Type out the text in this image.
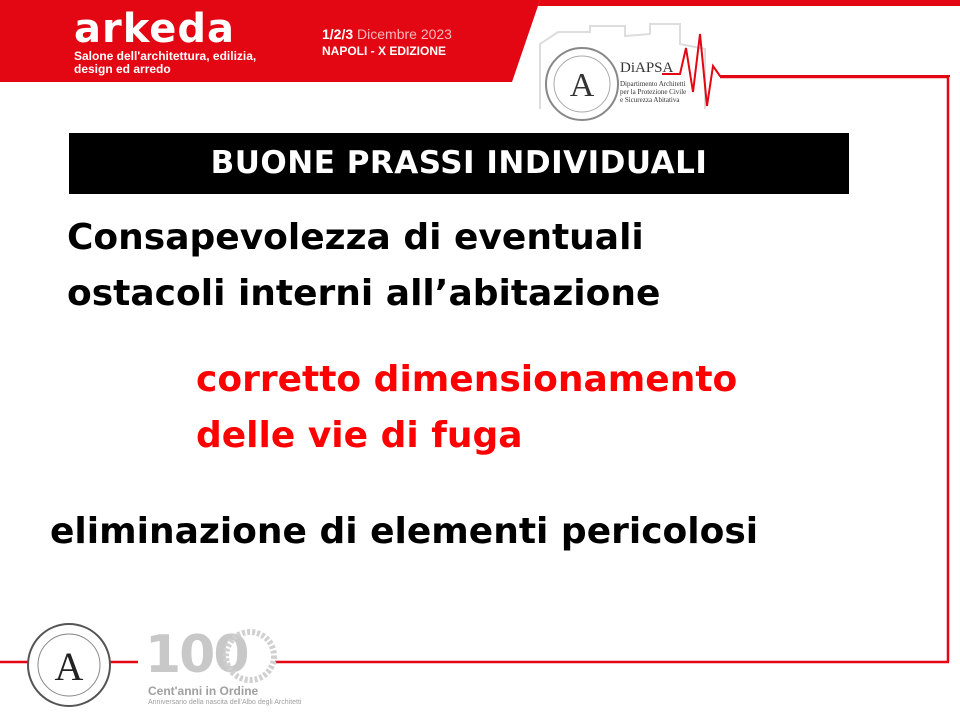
arkeda
Salone dell'architettura, edilizia,
design ed arredo
1/2/3 Dicembre 2023
NAPOLI - X EDIZIONE
A DiAPSA
Dipartimento Architetti
per la Protezione Civile
e Sicurezza Abitativa
BUONE PRASSI INDIVIDUALI
Consapevolezza di eventuali
ostacoli interni all’abitazione
corretto dimensionamento
delle vie di fuga
eliminazione di elementi pericolosi
A 100
Cent'anni in Ordine
Anniversario della nascita dell'Albo degli Architetti
